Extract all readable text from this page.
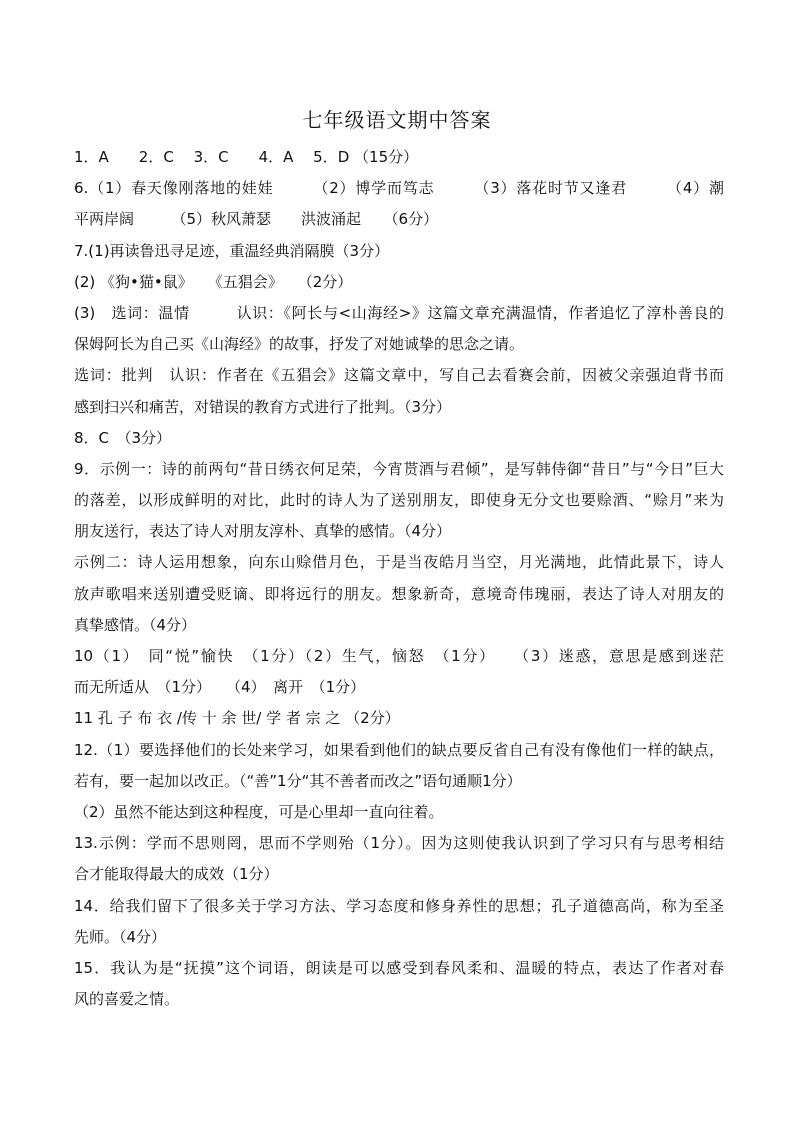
七年级语文期中答案
1．A　　2．C　 3．C　　4．A　 5．D （15分）
6.（1）春天像刚落地的娃娃　　　（2）博学而笃志　　　（3）落花时节又逢君　　　（4）潮
平两岸阔　　　（5）秋风萧瑟　　洪波涌起　　（6分）
7.(1)再读鲁迅寻足迹，重温经典消隔膜（3分）
(2) 《狗•猫•鼠》　　《五猖会》　　（2分）
(3)　选词：温情　　　认识：《阿长与<山海经>》这篇文章充满温情，作者追忆了淳朴善良的
保姆阿长为自己买《山海经》的故事，抒发了对她诚挚的思念之请。
选词：批判　认识：作者在《五猖会》这篇文章中，写自己去看赛会前，因被父亲强迫背书而
感到扫兴和痛苦，对错误的教育方式进行了批判。（3分）
8．C　（3分）
9．示例一：诗的前两句“昔日绣衣何足荣，今宵贳酒与君倾”，是写韩侍御“昔日”与“今日”巨大
的落差，以形成鲜明的对比，此时的诗人为了送别朋友，即使身无分文也要赊酒、“赊月”来为
朋友送行，表达了诗人对朋友淳朴、真挚的感情。（4分）
示例二：诗人运用想象，向东山赊借月色，于是当夜皓月当空，月光满地，此情此景下，诗人
放声歌唱来送别遭受贬谪、即将远行的朋友。想象新奇，意境奇伟瑰丽，表达了诗人对朋友的
真挚感情。（4分）
10（1）　同“悦”愉快　（1分）（2）生气，恼怒　（1分）　　（3）迷惑，意思是感到迷茫
而无所适从　（1分）　　（4）　离开　（1分）
11 孔 子 布 衣 /传 十 余 世/ 学 者 宗 之 （2分）
12.（1）要选择他们的长处来学习，如果看到他们的缺点要反省自己有没有像他们一样的缺点，
若有，要一起加以改正。（“善”1分“其不善者而改之”语句通顺1分）
（2）虽然不能达到这种程度，可是心里却一直向往着。
13.示例：学而不思则罔，思而不学则殆（1分）。因为这则使我认识到了学习只有与思考相结
合才能取得最大的成效（1分）
14．给我们留下了很多关于学习方法、学习态度和修身养性的思想；孔子道德高尚，称为至圣
先师。（4分）
15．我认为是“抚摸”这个词语，朗读是可以感受到春风柔和、温暖的特点，表达了作者对春
风的喜爱之情。
